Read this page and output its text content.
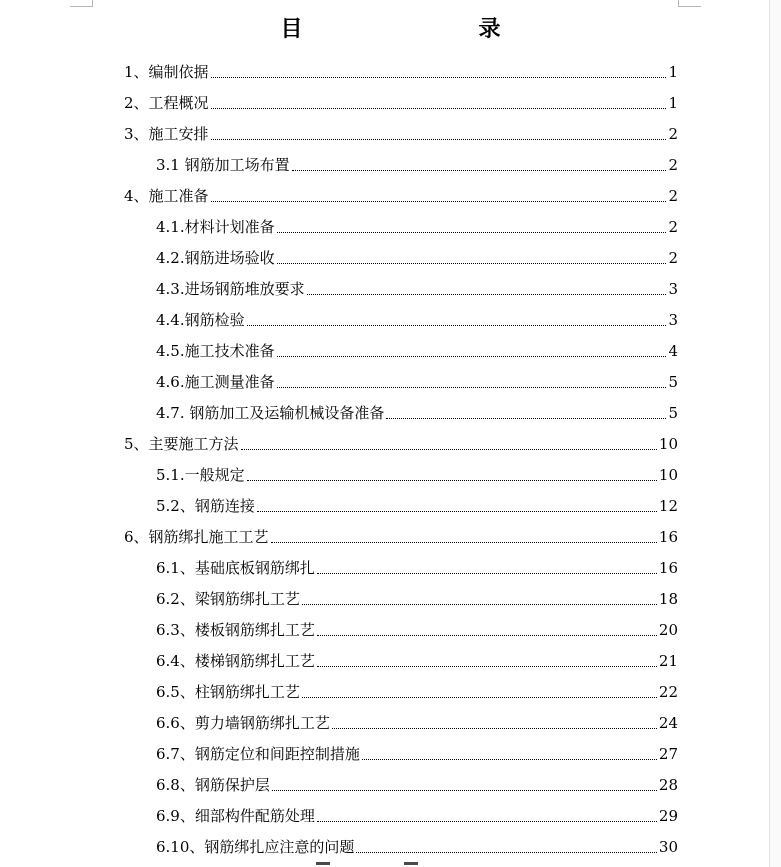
目　　录
1、编制依据	1
2、工程概况	1
3、施工安排	2
3.1 钢筋加工场布置	2
4、施工准备	2
4.1.材料计划准备	2
4.2.钢筋进场验收	2
4.3.进场钢筋堆放要求	3
4.4.钢筋检验	3
4.5.施工技术准备	4
4.6.施工测量准备	5
4.7. 钢筋加工及运输机械设备准备	5
5、主要施工方法	10
5.1.一般规定	10
5.2、钢筋连接	12
6、钢筋绑扎施工工艺	16
6.1、基础底板钢筋绑扎	16
6.2、梁钢筋绑扎工艺	18
6.3、楼板钢筋绑扎工艺	20
6.4、楼梯钢筋绑扎工艺	21
6.5、柱钢筋绑扎工艺	22
6.6、剪力墙钢筋绑扎工艺	24
6.7、钢筋定位和间距控制措施	27
6.8、钢筋保护层	28
6.9、细部构件配筋处理	29
6.10、钢筋绑扎应注意的问题	30
